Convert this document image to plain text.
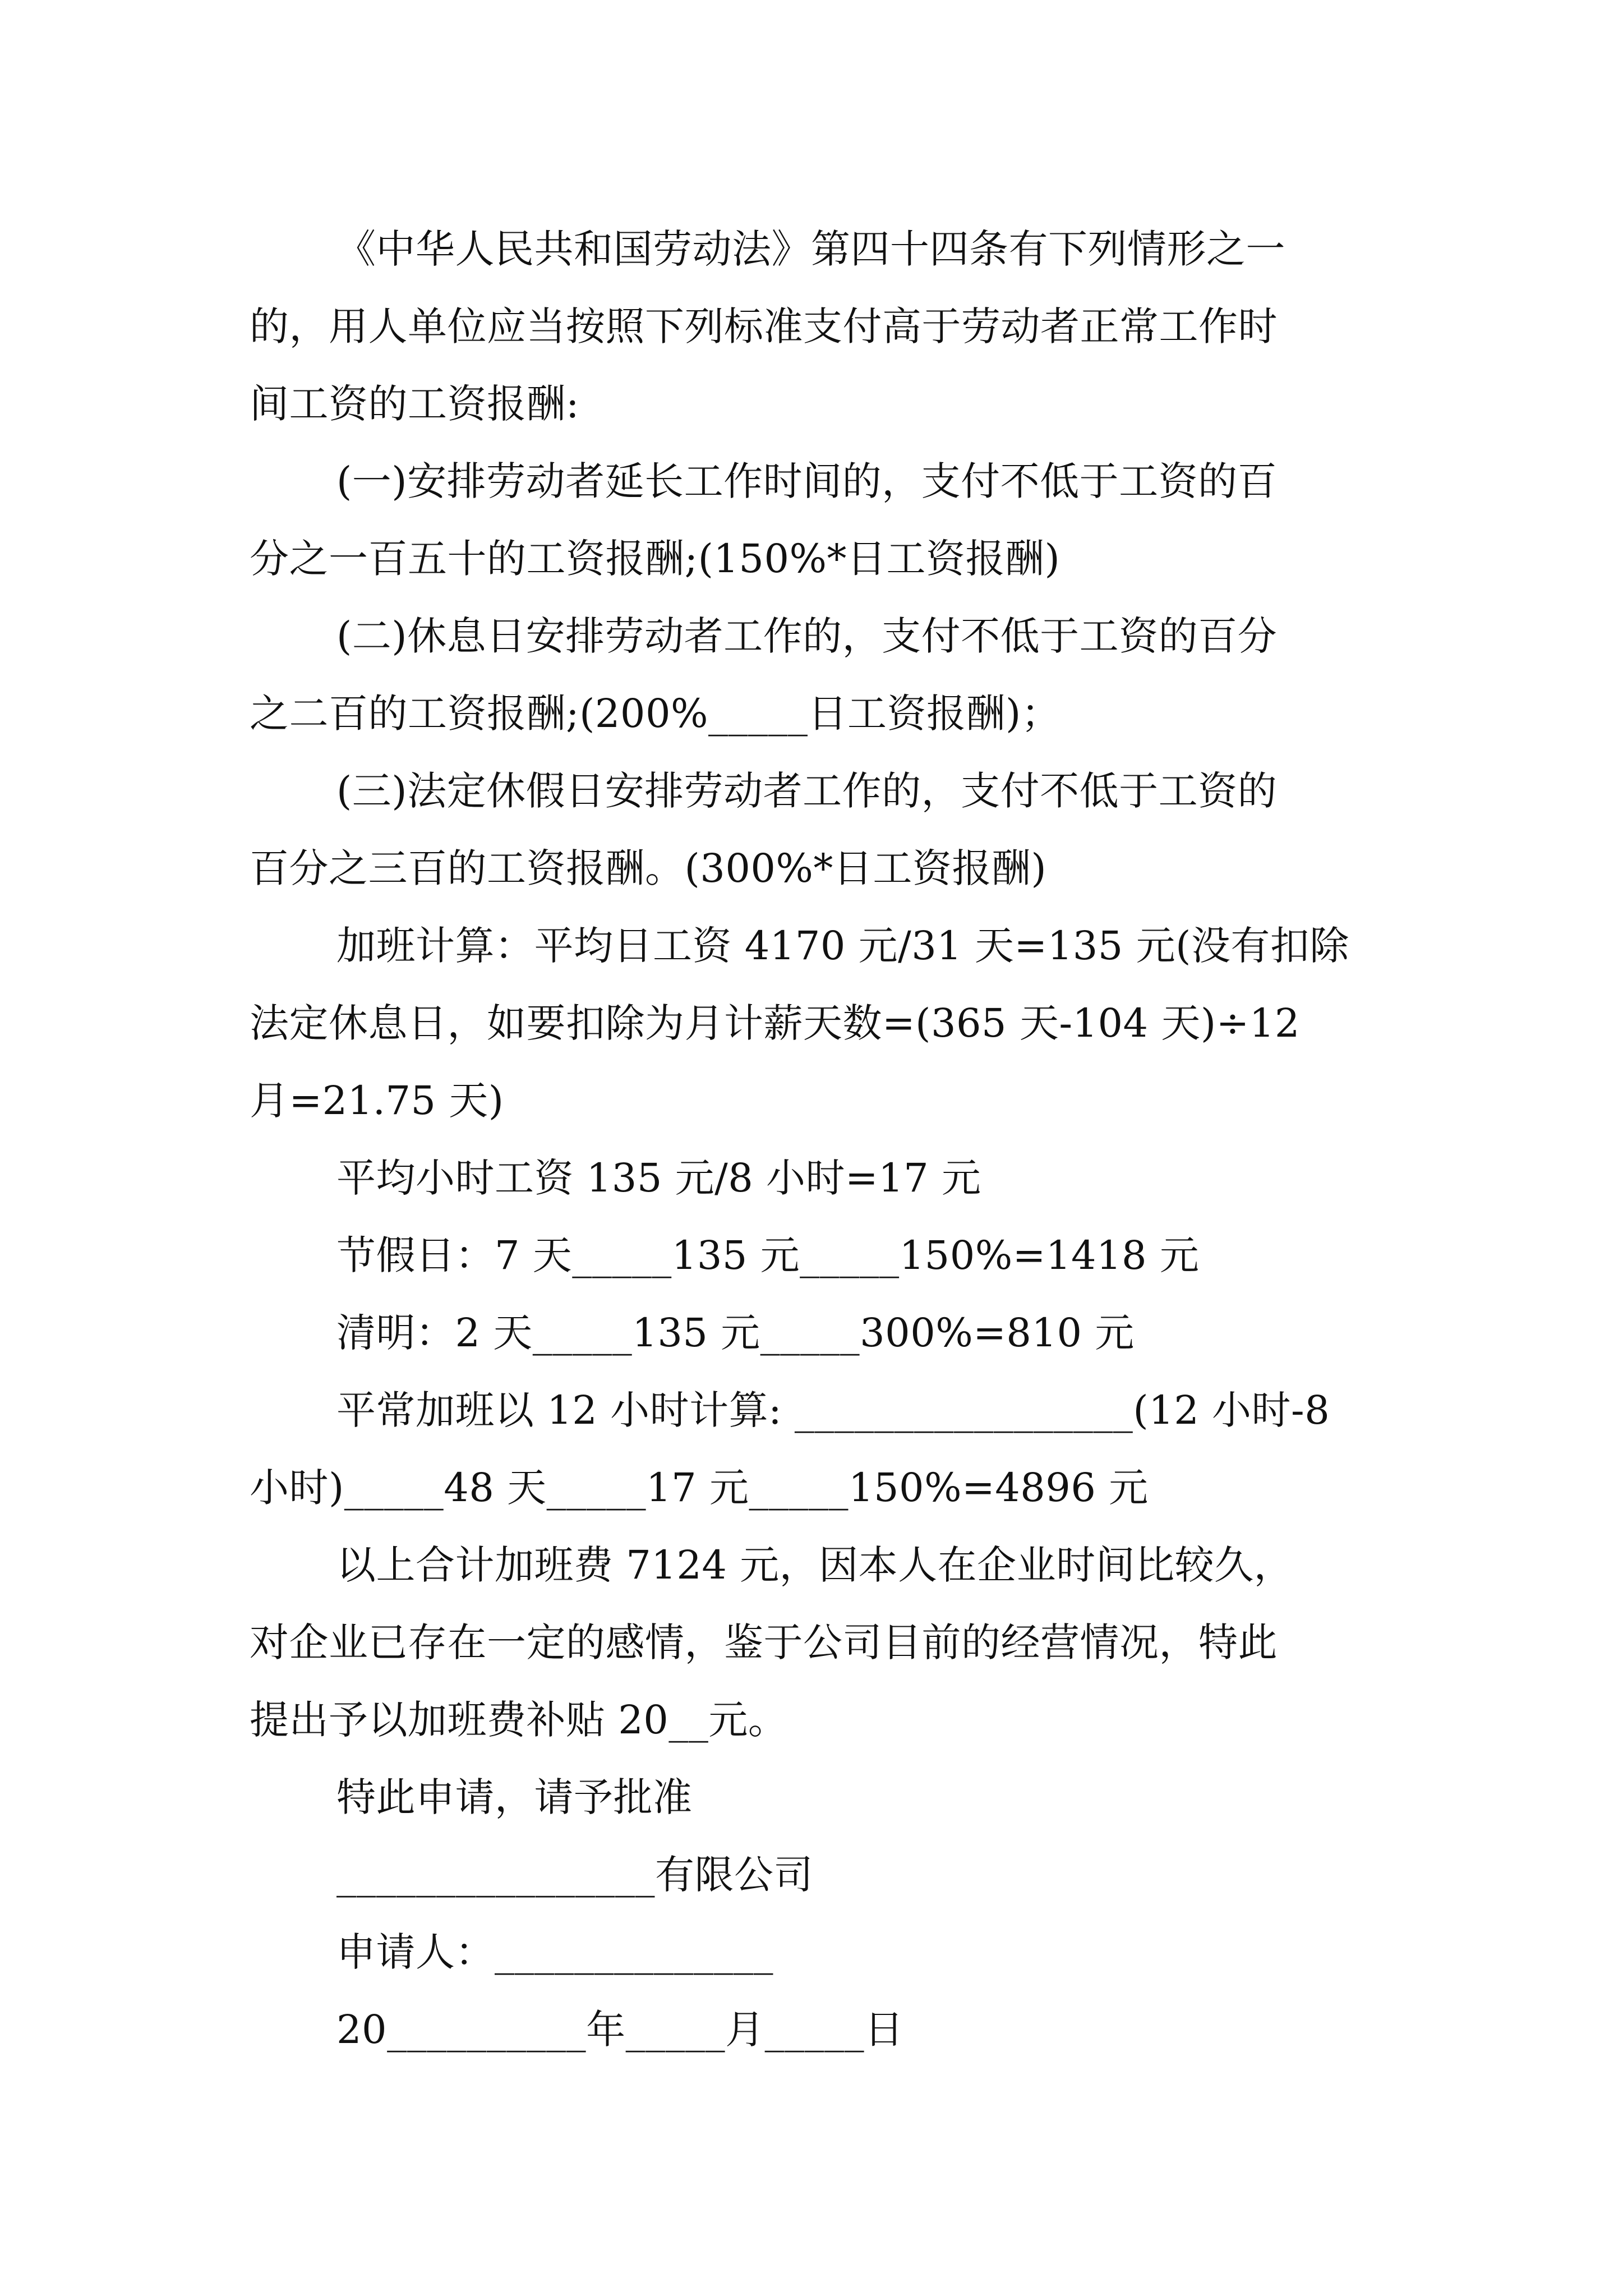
《中华人民共和国劳动法》第四十四条有下列情形之一
的，用人单位应当按照下列标准支付高于劳动者正常工作时
间工资的工资报酬:
(一)安排劳动者延长工作时间的，支付不低于工资的百
分之一百五十的工资报酬;(150%*日工资报酬)
(二)休息日安排劳动者工作的，支付不低于工资的百分
之二百的工资报酬;(200%_____日工资报酬)；
(三)法定休假日安排劳动者工作的，支付不低于工资的
百分之三百的工资报酬。(300%*日工资报酬)
加班计算：平均日工资 4170 元/31 天=135 元(没有扣除
法定休息日，如要扣除为月计薪天数=(365 天-104 天)÷12
月=21.75 天)
平均小时工资 135 元/8 小时=17 元
节假日：7 天_____135 元_____150%=1418 元
清明：2 天_____135 元_____300%=810 元
平常加班以 12 小时计算: _________________(12 小时-8
小时)_____48 天_____17 元_____150%=4896 元
以上合计加班费 7124 元，因本人在企业时间比较久，
对企业已存在一定的感情，鉴于公司目前的经营情况，特此
提出予以加班费补贴 20__元。
特此申请，请予批准
________________有限公司
申请人：______________
20__________年_____月_____日
